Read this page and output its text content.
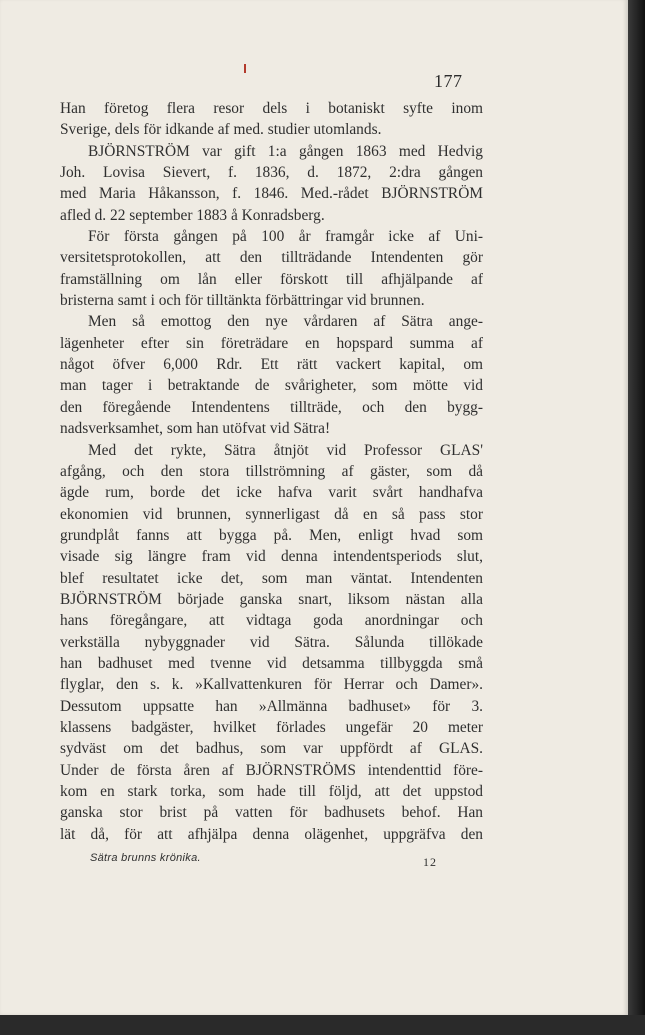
177
Han företog flera resor dels i botaniskt syfte inom
Sverige, dels för idkande af med. studier utomlands.
BJÖRNSTRÖM var gift 1:a gången 1863 med Hedvig
Joh. Lovisa Sievert, f. 1836, d. 1872, 2:dra gången
med Maria Håkansson, f. 1846. Med.-rådet BJÖRNSTRÖM
afled d. 22 september 1883 å Konradsberg.
För första gången på 100 år framgår icke af Uni-
versitetsprotokollen, att den tillträdande Intendenten gör
framställning om lån eller förskott till afhjälpande af
bristerna samt i och för tilltänkta förbättringar vid brunnen.
Men så emottog den nye vårdaren af Sätra ange-
lägenheter efter sin företrädare en hopspard summa af
något öfver 6,000 Rdr. Ett rätt vackert kapital, om
man tager i betraktande de svårigheter, som mötte vid
den föregående Intendentens tillträde, och den bygg-
nadsverksamhet, som han utöfvat vid Sätra!
Med det rykte, Sätra åtnjöt vid Professor GLAS'
afgång, och den stora tillströmning af gäster, som då
ägde rum, borde det icke hafva varit svårt handhafva
ekonomien vid brunnen, synnerligast då en så pass stor
grundplåt fanns att bygga på. Men, enligt hvad som
visade sig längre fram vid denna intendentsperiods slut,
blef resultatet icke det, som man väntat. Intendenten
BJÖRNSTRÖM började ganska snart, liksom nästan alla
hans föregångare, att vidtaga goda anordningar och
verkställa nybyggnader vid Sätra. Sålunda tillökade
han badhuset med tvenne vid detsamma tillbyggda små
flyglar, den s. k. »Kallvattenkuren för Herrar och Damer».
Dessutom uppsatte han »Allmänna badhuset» för 3.
klassens badgäster, hvilket förlades ungefär 20 meter
sydväst om det badhus, som var uppfördt af GLAS.
Under de första åren af BJÖRNSTRÖMS intendenttid före-
kom en stark torka, som hade till följd, att det uppstod
ganska stor brist på vatten för badhusets behof. Han
lät då, för att afhjälpa denna olägenhet, uppgräfva den
Sätra brunns krönika.	12
